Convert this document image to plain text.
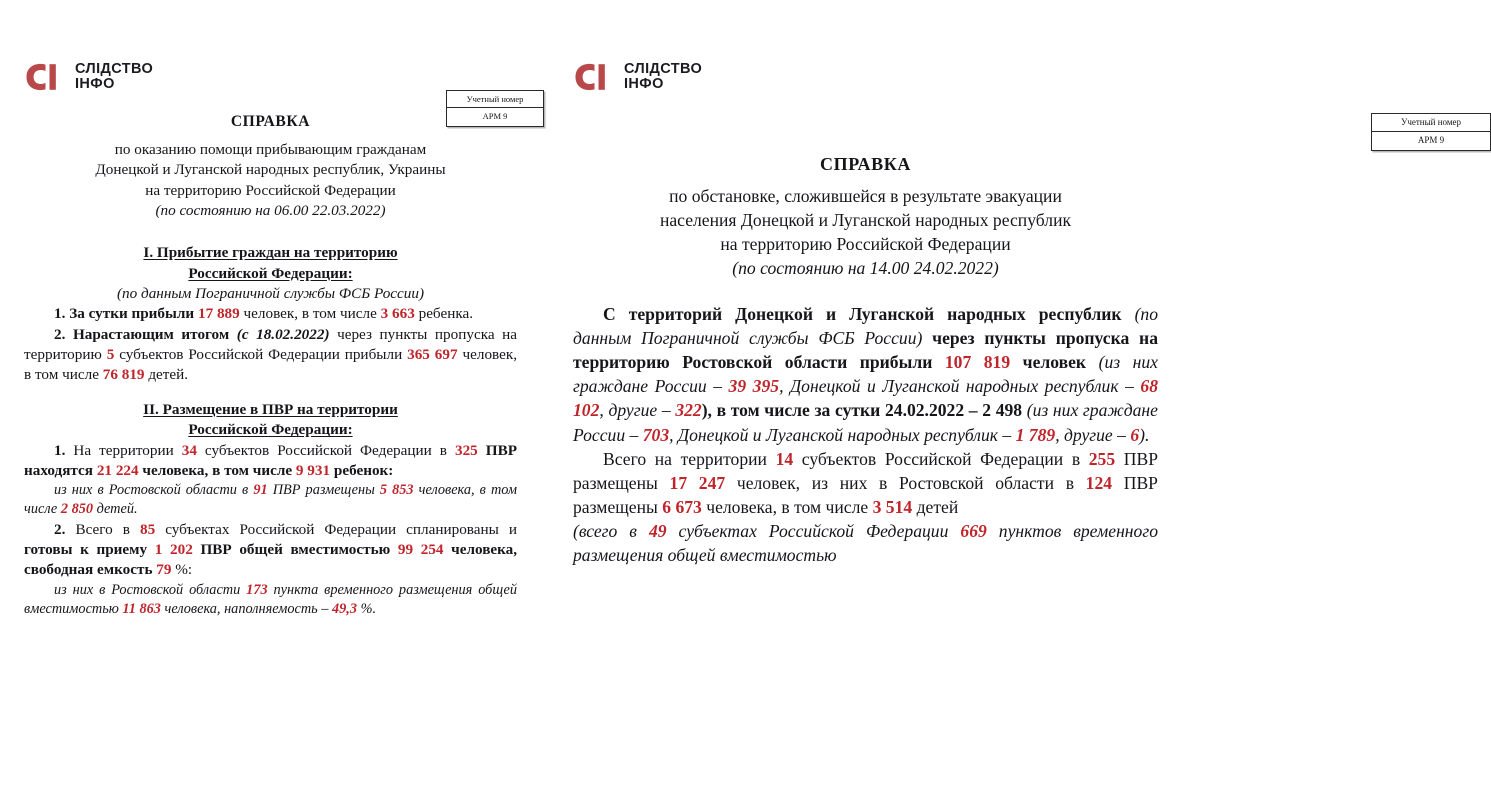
СЛІДСТВО
ІНФО
Учетный номер
АРМ 9

СПРАВКА

по оказанию помощи прибывающим гражданам

Донецкой и Луганской народных республик, Украины

на территорию Российской Федерации

(по состоянию на 06.00 22.03.2022)

I. Прибытие граждан на территорию

Российской Федерации:

(по данным Пограничной службы ФСБ России)

1. За сутки прибыли 17 889 человек, в том числе 3 663 ребенка.

2. Нарастающим итогом (с 18.02.2022) через пункты пропуска на территорию 5 субъектов Российской Федерации прибыли 365 697 человек, в том числе 76 819 детей.

II. Размещение в ПВР на территории

Российской Федерации:

1. На территории 34 субъектов Российской Федерации в 325 ПВР находятся 21 224 человека, в том числе 9 931 ребенок:

из них в Ростовской области в 91 ПВР размещены 5 853 человека, в том числе 2 850 детей.

2. Всего в 85 субъектах Российской Федерации спланированы и готовы к приему 1 202 ПВР общей вместимостью 99 254 человека, свободная емкость 79 %:

из них в Ростовской области 173 пункта временного размещения общей вместимостью 11 863 человека, наполняемость – 49,3 %.

СЛІДСТВО
ІНФО
Учетный номер
АРМ 9

СПРАВКА

по обстановке, сложившейся в результате эвакуации

населения Донецкой и Луганской народных республик

на территорию Российской Федерации

(по состоянию на 14.00 24.02.2022)

С территорий Донецкой и Луганской народных республик (по данным Пограничной службы ФСБ России) через пункты пропуска на территорию Ростовской области прибыли 107 819 человек (из них граждане России – 39 395, Донецкой и Луганской народных республик – 68 102, другие – 322), в том числе за сутки 24.02.2022 – 2 498 (из них граждане России – 703, Донецкой и Луганской народных республик – 1 789, другие – 6).

Всего на территории 14 субъектов Российской Федерации в 255 ПВР размещены 17 247 человек, из них в Ростовской области в 124 ПВР размещены 6 673 человека, в том числе 3 514 детей

(всего в 49 субъектах Российской Федерации 669 пунктов временного размещения общей вместимостью
